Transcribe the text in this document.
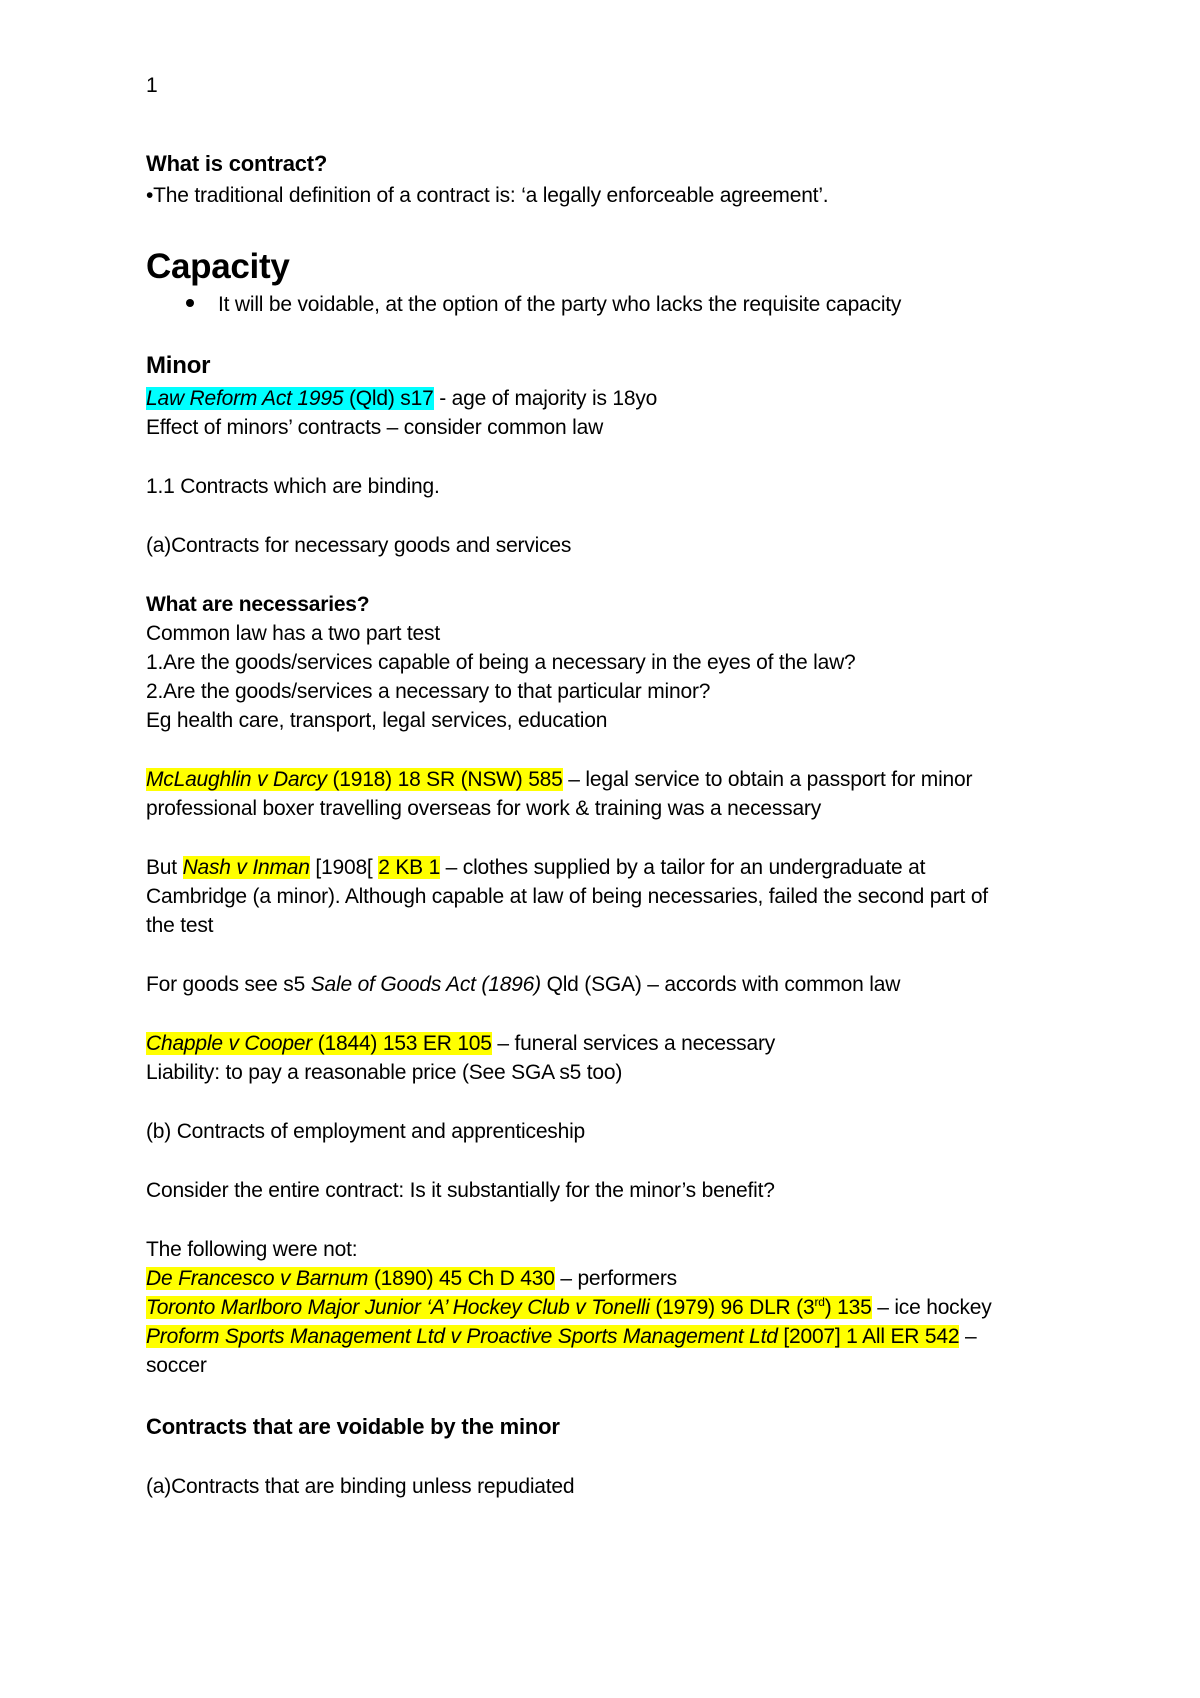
1
What is contract?
•The traditional definition of a contract is: ‘a legally enforceable agreement’.
Capacity
It will be voidable, at the option of the party who lacks the requisite capacity
Minor
Law Reform Act 1995 (Qld) s17 - age of majority is 18yo
Effect of minors’ contracts – consider common law
1.1 Contracts which are binding.
(a)Contracts for necessary goods and services
What are necessaries?
Common law has a two part test
1.Are the goods/services capable of being a necessary in the eyes of the law?
2.Are the goods/services a necessary to that particular minor?
Eg health care, transport, legal services, education
McLaughlin v Darcy (1918) 18 SR (NSW) 585 – legal service to obtain a passport for minor
professional boxer travelling overseas for work & training was a necessary
But Nash v Inman [1908[ 2 KB 1 – clothes supplied by a tailor for an undergraduate at
Cambridge (a minor). Although capable at law of being necessaries, failed the second part of
the test
For goods see s5 Sale of Goods Act (1896) Qld (SGA) – accords with common law
Chapple v Cooper (1844) 153 ER 105 – funeral services a necessary
Liability: to pay a reasonable price (See SGA s5 too)
(b) Contracts of employment and apprenticeship
Consider the entire contract: Is it substantially for the minor’s benefit?
The following were not:
De Francesco v Barnum (1890) 45 Ch D 430 – performers
Toronto Marlboro Major Junior ‘A’ Hockey Club v Tonelli (1979) 96 DLR (3rd) 135 – ice hockey
Proform Sports Management Ltd v Proactive Sports Management Ltd [2007] 1 All ER 542 –
soccer
Contracts that are voidable by the minor
(a)Contracts that are binding unless repudiated
